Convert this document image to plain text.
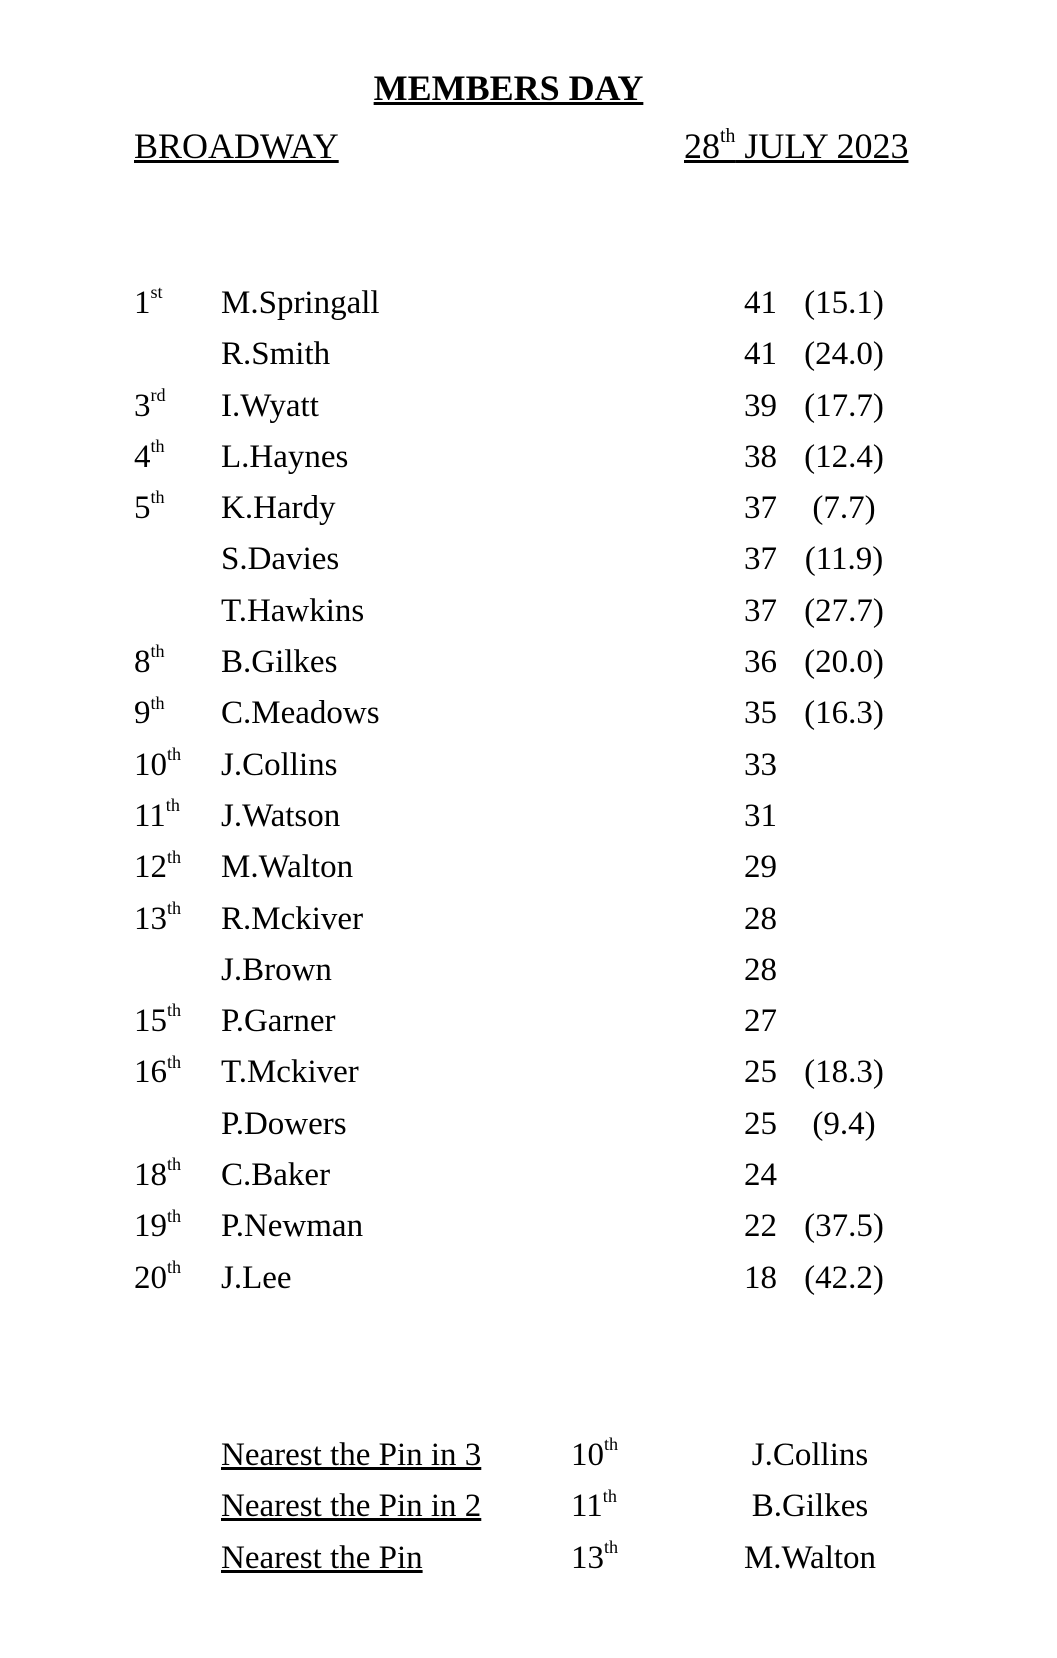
MEMBERS DAY
BROADWAY	28th JULY 2023
1st M.Springall	41 (15.1)
R.Smith	41 (24.0)
3rd I.Wyatt	39 (17.7)
4th L.Haynes	38 (12.4)
5th K.Hardy	37	(7.7)
S.Davies	37 (11.9)
T.Hawkins	37 (27.7)
8th B.Gilkes	36 (20.0)
9th C.Meadows	35 (16.3)
10th J.Collins	33
11th J.Watson	31
12th M.Walton	29
13th R.Mckiver	28
J.Brown	28
15th P.Garner	27
16th T.Mckiver	25 (18.3)
P.Dowers	25	(9.4)
18th C.Baker	24
19th P.Newman	22 (37.5)
20th J.Lee	18 (42.2)
Nearest the Pin in 3	10th	J.Collins
Nearest the Pin in 2	11th	B.Gilkes
Nearest the Pin	13th	M.Walton
